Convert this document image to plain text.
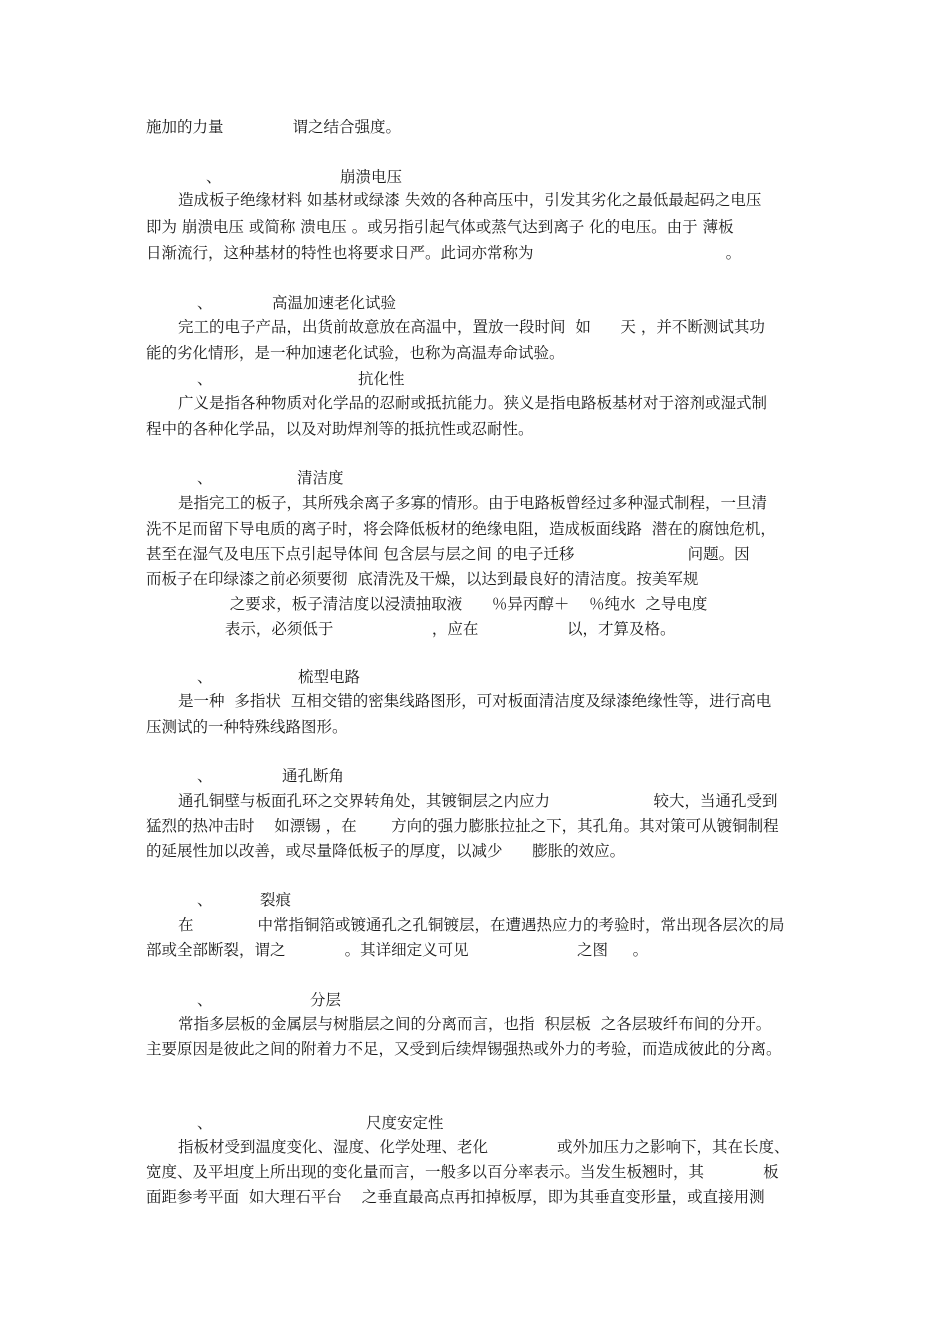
施加的力量              谓之结合强度。
、	崩溃电压
造成板子绝缘材料 如基材或绿漆 失效的各种高压中，引发其劣化之最低最起码之电压
即为 崩溃电压 或简称 溃电压 。或另指引起气体或蒸气达到离子 化的电压。由于 薄板
日渐流行，这种基材的特性也将要求日严。此词亦常称为                                       。
、	高温加速老化试验
完工的电子产品，出货前故意放在高温中，置放一段时间  如      天 ，并不断测试其功
能的劣化情形，是一种加速老化试验，也称为高温寿命试验。
、	抗化性
广义是指各种物质对化学品的忍耐或抵抗能力。狭义是指电路板基材对于溶剂或湿式制
程中的各种化学品，以及对助焊剂等的抵抗性或忍耐性。
、	清洁度
是指完工的板子，其所残余离子多寡的情形。由于电路板曾经过多种湿式制程，一旦清
洗不足而留下导电质的离子时，将会降低板材的绝缘电阻，造成板面线路  潜在的腐蚀危机，
甚至在湿气及电压下点引起导体间 包含层与层之间 的电子迁移                       问题。因
而板子在印绿漆之前必须要彻  底清洗及干燥，以达到最良好的清洁度。按美军规
之要求，板子清洁度以浸渍抽取液      ％异丙醇＋    ％纯水  之导电度
表示，必须低于                    ，应在                  以，才算及格。
、	梳型电路
是一种  多指状  互相交错的密集线路图形，可对板面清洁度及绿漆绝缘性等，进行高电
压测试的一种特殊线路图形。
、	通孔断角
通孔铜壁与板面孔环之交界转角处，其镀铜层之内应力                     较大，当通孔受到
猛烈的热冲击时    如漂锡 ，在       方向的强力膨胀拉扯之下，其孔角。其对策可从镀铜制程
的延展性加以改善，或尽量降低板子的厚度，以减少      膨胀的效应。
、	裂痕
在             中常指铜箔或镀通孔之孔铜镀层，在遭遇热应力的考验时，常出现各层次的局
部或全部断裂，谓之            。其详细定义可见                      之图     。
、	分层
常指多层板的金属层与树脂层之间的分离而言，也指  积层板  之各层玻纤布间的分开。
主要原因是彼此之间的附着力不足，又受到后续焊锡强热或外力的考验，而造成彼此的分离。
、	尺度安定性
指板材受到温度变化、湿度、化学处理、老化              或外加压力之影响下，其在长度、
宽度、及平坦度上所出现的变化量而言，一般多以百分率表示。当发生板翘时，其            板
面距参考平面  如大理石平台    之垂直最高点再扣掉板厚，即为其垂直变形量，或直接用测
